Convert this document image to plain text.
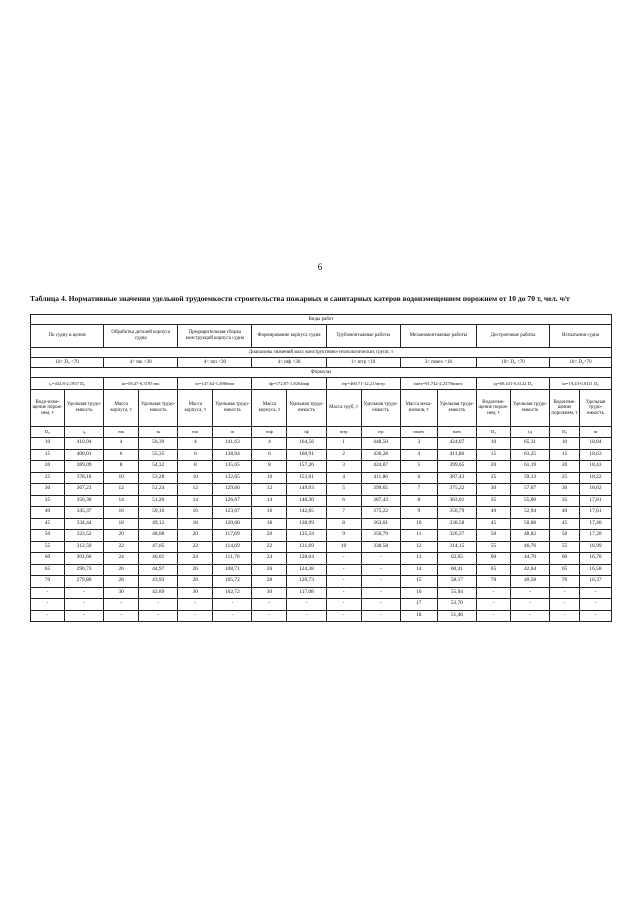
6
Таблица 4. Нормативные значения удельной трудоемкости строительства пожарных и санитарных катеров водоизмещением порожнем от 10 до 70 т, чел. ч/т
Виды работ															
По судну в целом		Обработка деталей корпуса судна		Предварительная сборка конструкций корпуса судна		Формирование корпуса судна		Трубомонтажные работы		Механомонтажные работы		Достроечные работы		Испытания судна	
Диапазоны значений масс конструктивно-технологических групп, т															
10< D₀ <70		4< mк <30		4< mп <30		4< mф <30		1< mтр <10		3< mмех <18		10< D₀ <70		10< D₀<70	
Формулы															
t₀=432,8-2,1857 D₀		tк=58,47-0,5195 mк		tп=147,62-1,4966mп		tф=172,87-1,8264mф		tтр=460,71-12,213mтр		tмех=91,742-2,2379mмех		tд=69,431-0,4122 D₀		tи=19,23-0,0411 D₀	
Водо-изме-щение порож-нем, т	Удельная трудо-емкость	Масса корпуса, т	Удельная трудо-емкость	Масса корпуса, т	Удельная трудо-емкость	Масса корпуса, т	Удельная трудо-емкость	Масса труб, т	Удельная трудо-емкость	Масса меха-низмов, т	Удельная трудо-емкость	Водоизме-щение порож-нем, т	Удельная трудо-емкость	Водоизме-щение порожнем, т	Удельная трудо-емкость
D₀	t₀	mк	tк	mп	tп	mф	tф	mтр	tтр	mмех	tмех	D₀	tд	D₀	tи
10	410,94	4	56,39	4	141,63	4	164,56	1	448,50	3	424,07	10	65,31	10	18,84
15	400,01	6	55,35	6	138,64	6	160,91	2	436,28	4	411,86	15	63,25	15	18,63
20	389,09	8	54,32	8	135,65	8	157,26	3	424,07	5	399,65	20	61,19	20	18,43
25	378,16	10	53,28	10	132,65	10	153,61	4	411,86	6	387,43	25	59,13	25	18,22
30	367,23	12	52,24	12	129,66	12	149,93	5	399,65	7	375,22	30	57,07	30	18,02
35	356,30	14	51,20	14	126,67	14	146,30	6	387,43	8	363,01	35	55,00	35	17,81
40	345,37	16	50,16	16	123,67	16	142,65	7	375,22	9	350,79	40	52,94	40	17,61
45	334,44	18	49,12	18	120,68	18	138,99	8	363,01	10	338,58	45	50,88	45	17,40
50	323,52	20	48,08	20	117,69	20	135,34	9	350,79	11	326,37	50	48,82	50	17,20
55	312,59	22	47,05	22	114,69	22	131,69	10	338,58	12	314,15	55	46,76	55	16,99
60	301,66	24	46,01	24	111,70	24	128,04	-	-	13	62,65	60	44,70	60	16,78
65	290,73	26	44,97	26	108,71	26	124,38	-	-	14	60,41	65	42,64	65	16,58
70	279,80	28	43,93	28	105,72	28	120,73	-	-	15	58,17	70	40,58	70	16,37
-	-	30	42,89	30	102,72	30	117,08	-	-	16	55,94	-	-	-	-
-	-	-	-	-	-	-	-	-	-	17	53,70	-	-	-	-
-	-	-	-	-	-	-	-	-	-	18	51,46	-	-	-	-
